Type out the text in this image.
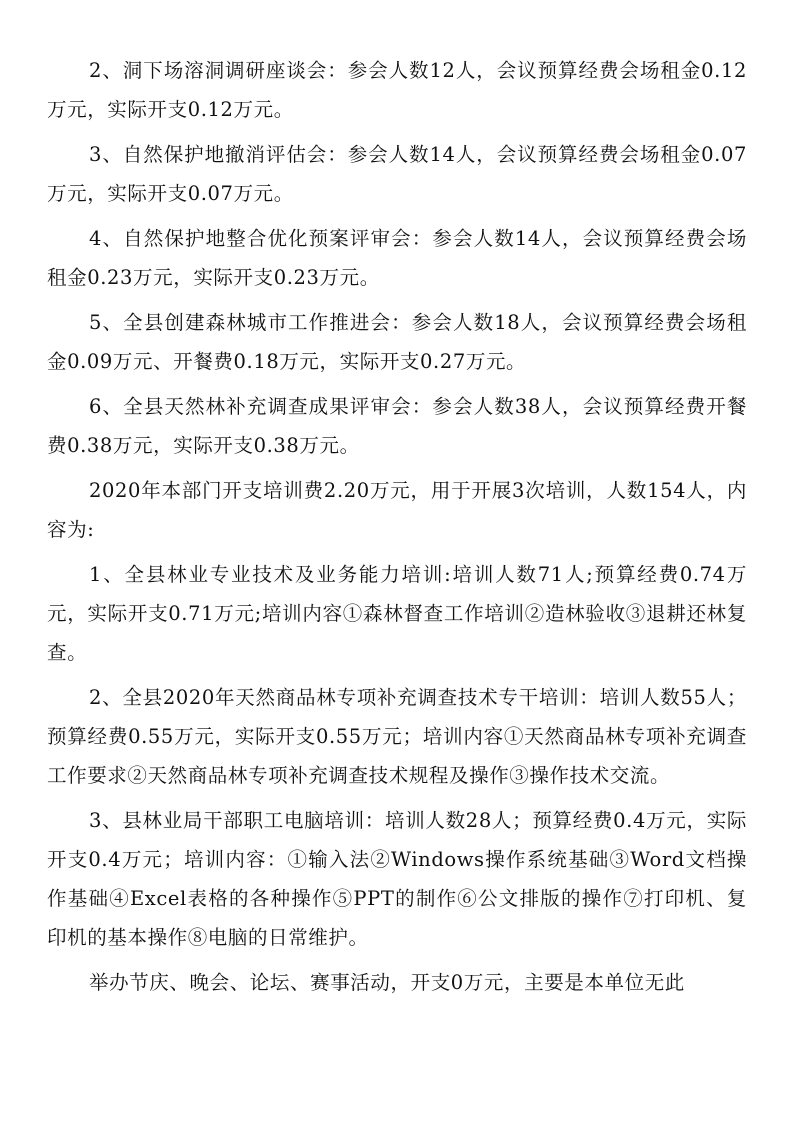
2、洞下场溶洞调研座谈会：参会人数12人，会议预算经费会场租金0.12万元，实际开支0.12万元。

3、自然保护地撤消评估会：参会人数14人，会议预算经费会场租金0.07万元，实际开支0.07万元。

4、自然保护地整合优化预案评审会：参会人数14人，会议预算经费会场租金0.23万元，实际开支0.23万元。

5、全县创建森林城市工作推进会：参会人数18人，会议预算经费会场租金0.09万元、开餐费0.18万元，实际开支0.27万元。

6、全县天然林补充调查成果评审会：参会人数38人，会议预算经费开餐费0.38万元，实际开支0.38万元。

2020年本部门开支培训费2.20万元，用于开展3次培训，人数154人，内容为:

1、全县林业专业技术及业务能力培训:培训人数71人;预算经费0.74万元，实际开支0.71万元;培训内容①森林督查工作培训②造林验收③退耕还林复查。

2、全县2020年天然商品林专项补充调查技术专干培训：培训人数55人；预算经费0.55万元，实际开支0.55万元；培训内容①天然商品林专项补充调查工作要求②天然商品林专项补充调查技术规程及操作③操作技术交流。

3、县林业局干部职工电脑培训：培训人数28人；预算经费0.4万元，实际开支0.4万元；培训内容：①输入法②Windows操作系统基础③Word文档操作基础④Excel表格的各种操作⑤PPT的制作⑥公文排版的操作⑦打印机、复印机的基本操作⑧电脑的日常维护。

举办节庆、晚会、论坛、赛事活动，开支0万元，主要是本单位无此
